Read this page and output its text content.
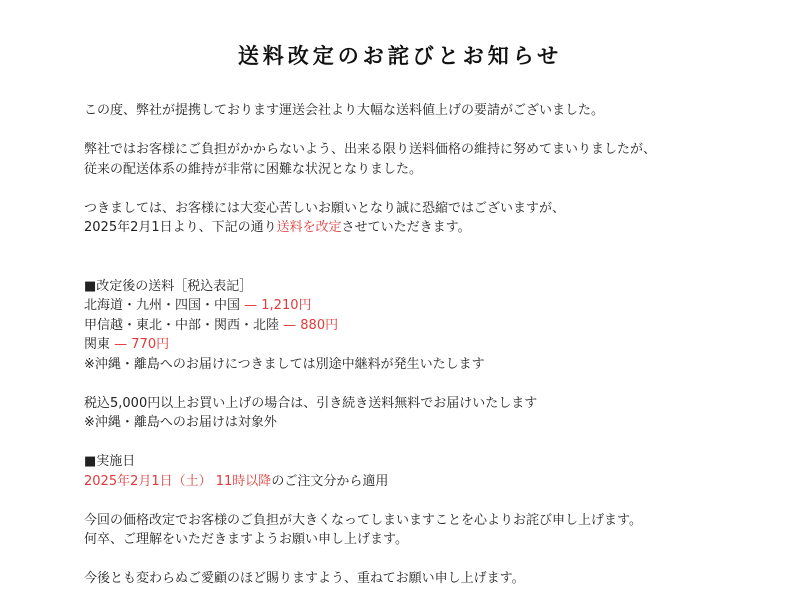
送料改定のお詫びとお知らせ
この度、弊社が提携しております運送会社より大幅な送料値上げの要請がございました。
弊社ではお客様にご負担がかからないよう、出来る限り送料価格の維持に努めてまいりましたが、
従来の配送体系の維持が非常に困難な状況となりました。
つきましては、お客様には大変心苦しいお願いとなり誠に恐縮ではございますが、
2025年2月1日より、下記の通り送料を改定させていただきます。
■改定後の送料［税込表記］
北海道・九州・四国・中国 — 1,210円
甲信越・東北・中部・関西・北陸 — 880円
関東 — 770円
※沖縄・離島へのお届けにつきましては別途中継料が発生いたします
税込5,000円以上お買い上げの場合は、引き続き送料無料でお届けいたします
※沖縄・離島へのお届けは対象外
■実施日
2025年2月1日（土） 11時以降のご注文分から適用
今回の価格改定でお客様のご負担が大きくなってしまいますことを心よりお詫び申し上げます。
何卒、ご理解をいただきますようお願い申し上げます。
今後とも変わらぬご愛顧のほど賜りますよう、重ねてお願い申し上げます。
